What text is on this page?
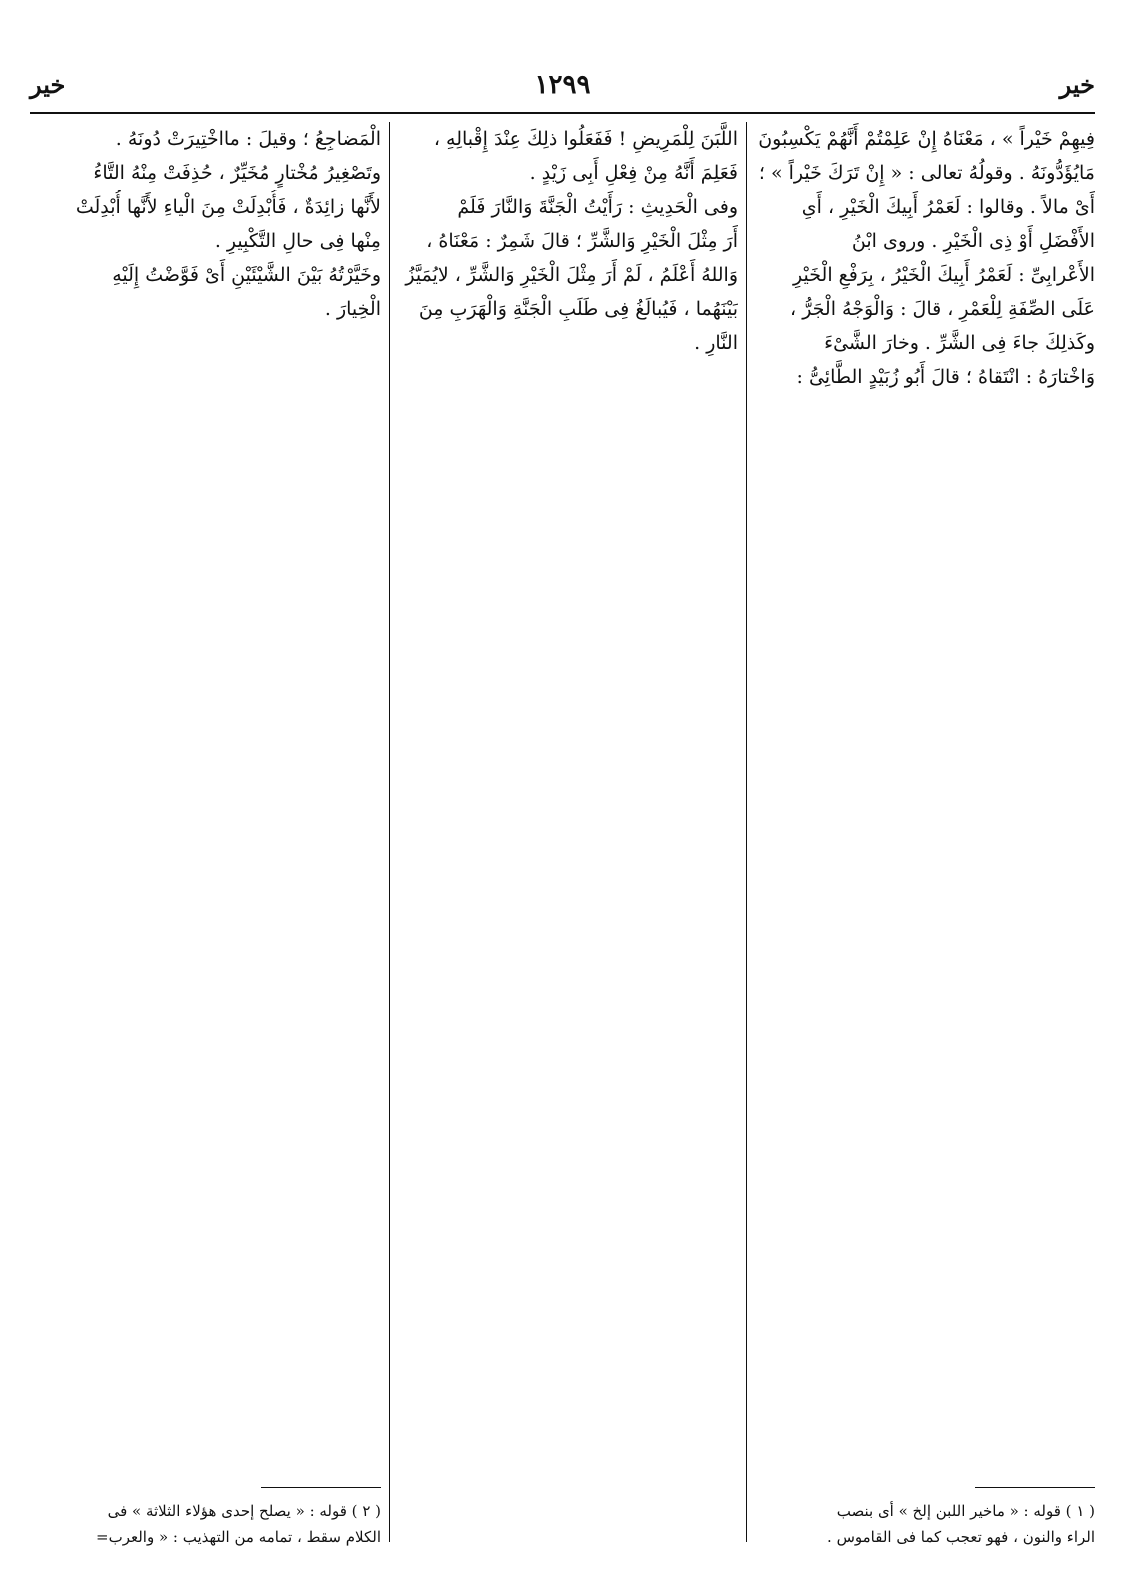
خير
١٢٩٩
خير
فِيهِمْ خَيْراً » ، مَعْنَاهُ إِنْ عَلِمْتُمْ أَنَّهُمْ يَكْسِبُونَ
مَايُؤَدُّونَهُ . وقولُهُ تعالى : « إِنْ تَرَكَ خَيْراً » ؛
أَىْ مالاً . وقالوا : لَعَمْرُ أَبِيكَ الْخَيْرِ ، أَىِ
الأَفْضَلِ أَوْ ذِى الْخَيْرِ . وروى ابْنُ
الأَعْرابِىِّ : لَعَمْرُ أَبِيكَ الْخَيْرُ ، بِرَفْعِ الْخَيْرِ
عَلَى الصِّفَةِ لِلْعَمْرِ ، قالَ : وَالْوَجْهُ الْجَرُّ ،
وكَذلِكَ جاءَ فِى الشَّرِّ . وخارَ الشَّىْءَ
وَاخْتارَهُ : انْتَقاهُ ؛ قالَ أَبُو زُبَيْدٍ الطَّائِىُّ :
اللَّبَنَ لِلْمَرِيضِ ! فَفَعَلُوا ذلِكَ عِنْدَ إِقْبالِهِ ،
فَعَلِمَ أَنَّهُ مِنْ فِعْلِ أَبِى زَيْدٍ .
وفى الْحَدِيثِ : رَأَيْتُ الْجَنَّةَ وَالنَّارَ فَلَمْ
أَرَ مِثْلَ الْخَيْرِ وَالشَّرِّ ؛ قالَ شَمِرٌ : مَعْنَاهُ ،
وَاللهُ أَعْلَمُ ، لَمْ أَرَ مِثْلَ الْخَيْرِ وَالشَّرِّ ، لايُمَيَّزُ
بَيْنَهُما ، فَيُبالَغُ فِى طَلَبِ الْجَنَّةِ وَالْهَرَبِ مِنَ
النَّارِ .
الْمَضاجِعُ ؛ وقيلَ : مااخْتِيرَتْ دُونَهُ .
وتَصْغِيرُ مُخْتارٍ مُخَيِّرٌ ، حُذِفَتْ مِنْهُ التَّاءُ
لأَنَّها زائِدَةٌ ، فَأُبْدِلَتْ مِنَ الْياءِ لأَنَّها أُبْدِلَتْ
مِنْها فِى حالِ التَّكْبِيرِ .
وخَيَّرْتُهُ بَيْنَ الشَّيْئَيْنِ أَىْ فَوَّضْتُ إِلَيْهِ
الْخِيارَ .
( ١ ) قوله : « ماخير اللبن إلخ » أى بنصب
الراء والنون ، فهو تعجب كما فى القاموس .
( ٢ ) قوله : « يصلح إحدى هؤلاء الثلاثة » فى
الكلام سقط ، تمامه من التهذيب : « والعرب=
